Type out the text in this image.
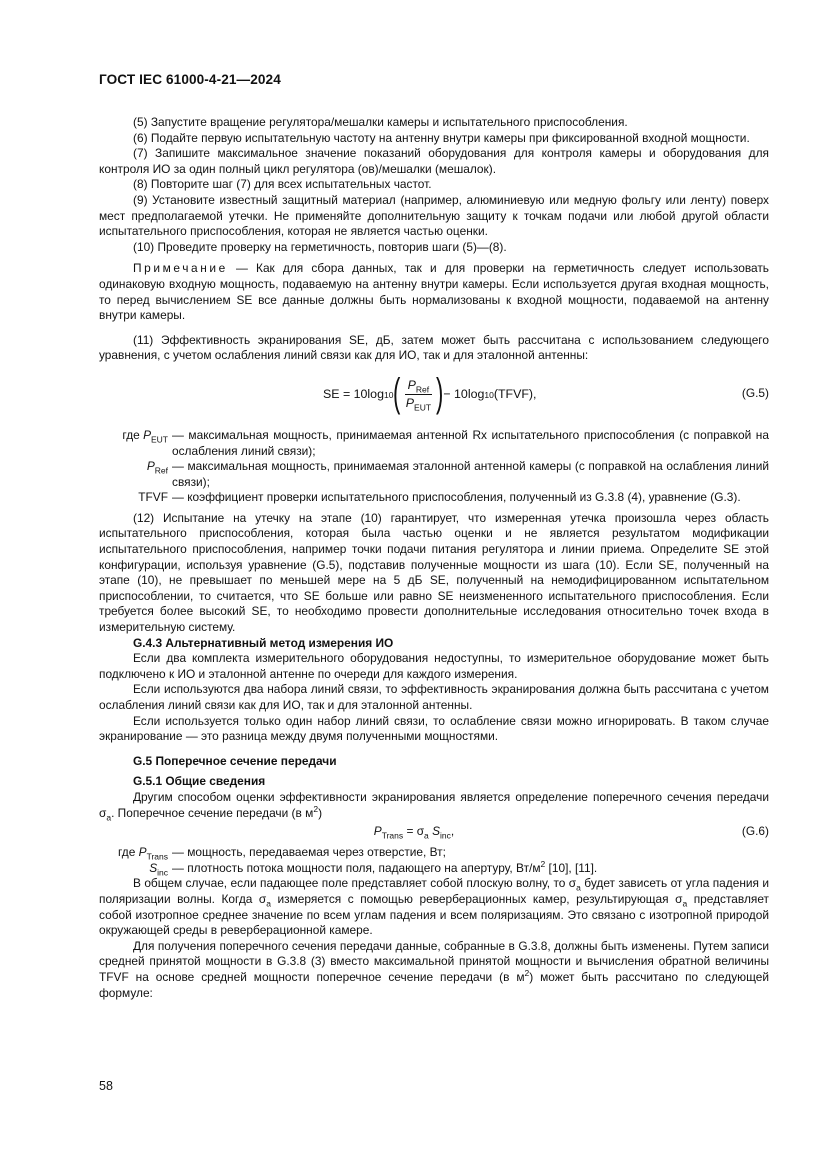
ГОСТ IEC 61000-4-21—2024

(5) Запустите вращение регулятора/мешалки камеры и испытательного приспособления.

(6) Подайте первую испытательную частоту на антенну внутри камеры при фиксированной входной мощности.

(7) Запишите максимальное значение показаний оборудования для контроля камеры и оборудования для контроля ИО за один полный цикл регулятора (ов)/мешалки (мешалок).

(8) Повторите шаг (7) для всех испытательных частот.

(9) Установите известный защитный материал (например, алюминиевую или медную фольгу или ленту) поверх мест предполагаемой утечки. Не применяйте дополнительную защиту к точкам подачи или любой другой области испытательного приспособления, которая не является частью оценки.

(10) Проведите проверку на герметичность, повторив шаги (5)—(8).

Примечание — Как для сбора данных, так и для проверки на герметичность следует использовать одинаковую входную мощность, подаваемую на антенну внутри камеры. Если используется другая входная мощность, то перед вычислением SE все данные должны быть нормализованы к входной мощности, подаваемой на антенну внутри камеры.

(11) Эффективность экранирования SE, дБ, затем может быть рассчитана с использованием следующего уравнения, с учетом ослабления линий связи как для ИО, так и для эталонной антенны:

SE = 10log 10 ( $\frac{P_{Ref}}{P_{EUT}}$ ) − 10log 10 (TFVF),	(G.5)
где $P_{EUT}$ — максимальная мощность, принимаемая антенной Rx испытательного приспособления (с поправкой на ослабления линий связи);
$P_{Ref}$ — максимальная мощность, принимаемая эталонной антенной камеры (с поправкой на ослабления линий связи);
TFVF — коэффициент проверки испытательного приспособления, полученный из G.3.8 (4), уравнение (G.3).

(12) Испытание на утечку на этапе (10) гарантирует, что измеренная утечка произошла через область испытательного приспособления, которая была частью оценки и не является результатом модификации испытательного приспособления, например точки подачи питания регулятора и линии приема. Определите SE этой конфигурации, используя уравнение (G.5), подставив полученные мощности из шага (10). Если SE, полученный на этапе (10), не превышает по меньшей мере на 5 дБ SE, полученный на немодифицированном испытательном приспособлении, то считается, что SE больше или равно SE неизмененного испытательного приспособления. Если требуется более высокий SE, то необходимо провести дополнительные исследования относительно точек входа в измерительную систему.

G.4.3 Альтернативный метод измерения ИО

Если два комплекта измерительного оборудования недоступны, то измерительное оборудование может быть подключено к ИО и эталонной антенне по очереди для каждого измерения.

Если используются два набора линий связи, то эффективность экранирования должна быть рассчитана с учетом ослабления линий связи как для ИО, так и для эталонной антенны.

Если используется только один набор линий связи, то ослабление связи можно игнорировать. В таком случае экранирование — это разница между двумя полученными мощностями.

G.5 Поперечное сечение передачи
G.5.1 Общие сведения

Другим способом оценки эффективности экранирования является определение поперечного сечения передачи $\sigma_a$. Поперечное сечение передачи (в $м^2$)

$P_{Trans} = \sigma_a$ $S_{inc}$,	(G.6)
где $P_{Trans}$ — мощность, передаваемая через отверстие, Вт;
$S_{inc}$ — плотность потока мощности поля, падающего на апертуру, $Вт/м^2$ [10], [11].

В общем случае, если падающее поле представляет собой плоскую волну, то $\sigma_a$ будет зависеть от угла падения и поляризации волны. Когда $\sigma_a$ измеряется с помощью реверберационных камер, результирующая $\sigma_a$ представляет собой изотропное среднее значение по всем углам падения и всем поляризациям. Это связано с изотропной природой окружающей среды в реверберационной камере.

Для получения поперечного сечения передачи данные, собранные в G.3.8, должны быть изменены. Путем записи средней принятой мощности в G.3.8 (3) вместо максимальной принятой мощности и вычисления обратной величины TFVF на основе средней мощности поперечное сечение передачи (в $м^2$) может быть рассчитано по следующей формуле:

58
